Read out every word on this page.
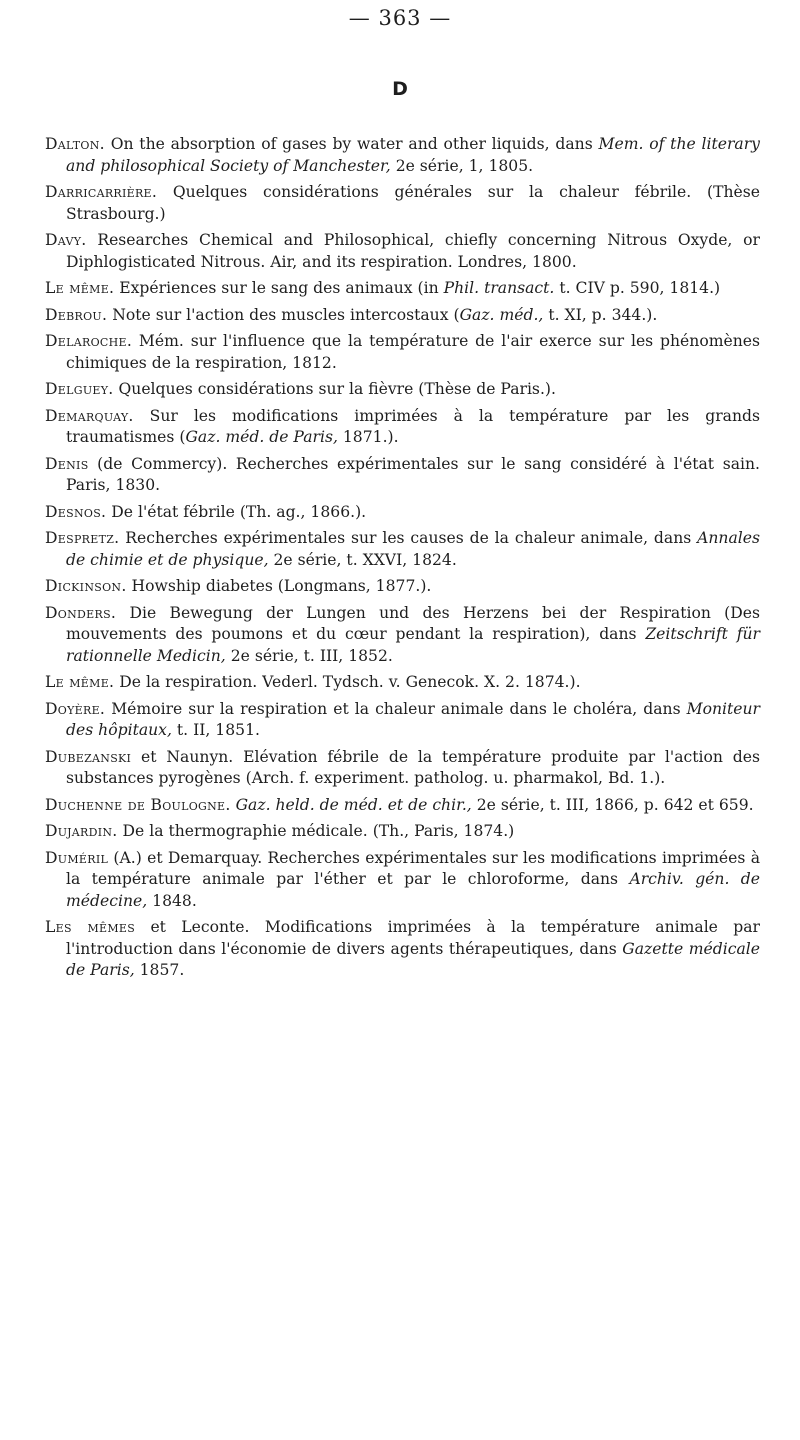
— 363 —
D

Dalton. On the absorption of gases by water and other liquids, dans Mem. of the literary and philosophical Society of Manchester, 2e série, 1, 1805.

Darricarrière. Quelques considérations générales sur la chaleur fébrile. (Thèse Strasbourg.)

Davy. Researches Chemical and Philosophical, chiefly concerning Nitrous Oxyde, or Diphlogisticated Nitrous. Air, and its respiration. Londres, 1800.

Le même. Expériences sur le sang des animaux (in Phil. transact. t. CIV p. 590, 1814.)

Debrou. Note sur l'action des muscles intercostaux (Gaz. méd., t. XI, p. 344.).

Delaroche. Mém. sur l'influence que la température de l'air exerce sur les phénomènes chimiques de la respiration, 1812.

Delguey. Quelques considérations sur la fièvre (Thèse de Paris.).

Demarquay. Sur les modifications imprimées à la température par les grands traumatismes (Gaz. méd. de Paris, 1871.).

Denis (de Commercy). Recherches expérimentales sur le sang considéré à l'état sain. Paris, 1830.

Desnos. De l'état fébrile (Th. ag., 1866.).

Despretz. Recherches expérimentales sur les causes de la chaleur animale, dans Annales de chimie et de physique, 2e série, t. XXVI, 1824.

Dickinson. Howship diabetes (Longmans, 1877.).

Donders. Die Bewegung der Lungen und des Herzens bei der Respiration (Des mouvements des poumons et du cœur pendant la respiration), dans Zeitschrift für rationnelle Medicin, 2e série, t. III, 1852.

Le même. De la respiration. Vederl. Tydsch. v. Genecok. X. 2. 1874.).

Doyère. Mémoire sur la respiration et la chaleur animale dans le choléra, dans Moniteur des hôpitaux, t. II, 1851.

Dubezanski et Naunyn. Elévation fébrile de la température produite par l'action des substances pyrogènes (Arch. f. experiment. patholog. u. pharmakol, Bd. 1.).

Duchenne de Boulogne. Gaz. held. de méd. et de chir., 2e série, t. III, 1866, p. 642 et 659.

Dujardin. De la thermographie médicale. (Th., Paris, 1874.)

Duméril (A.) et Demarquay. Recherches expérimentales sur les modifications imprimées à la température animale par l'éther et par le chloroforme, dans Archiv. gén. de médecine, 1848.

Les mêmes et Leconte. Modifications imprimées à la température animale par l'introduction dans l'économie de divers agents thérapeutiques, dans Gazette médicale de Paris, 1857.
